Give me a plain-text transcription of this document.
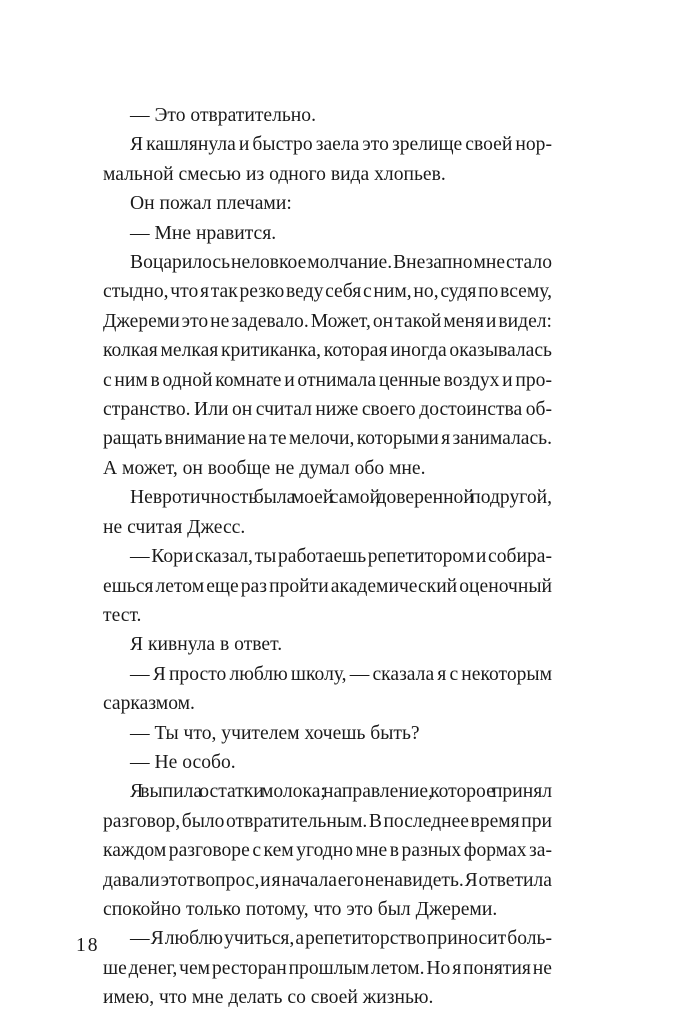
— Это отвратительно.

Я кашлянула и быстро заела это зрелище своей нор-
мальной смесью из одного вида хлопьев.

Он пожал плечами:

— Мне нравится.

Воцарилось неловкое молчание. Внезапно мне стало
стыдно, что я так резко веду себя с ним, но, судя по всему,
Джереми это не задевало. Может, он такой меня и видел:
колкая мелкая критиканка, которая иногда оказывалась
с ним в одной комнате и отнимала ценные воздух и про-
странство. Или он считал ниже своего достоинства об-
ращать внимание на те мелочи, которыми я занималась.
А может, он вообще не думал обо мне.

Невротичность была моей самой доверенной подругой,
не считая Джесс.

— Кори сказал, ты работаешь репетитором и собира-
ешься летом еще раз пройти академический оценочный
тест.

Я кивнула в ответ.

— Я просто люблю школу, — сказала я с некоторым
сарказмом.

— Ты что, учителем хочешь быть?

— Не особо.

Я выпила остатки молока; направление, которое принял
разговор, было отвратительным. В последнее время при
каждом разговоре с кем угодно мне в разных формах за-
давали этот вопрос, и я начала его ненавидеть. Я ответила
спокойно только потому, что это был Джереми.

— Я люблю учиться, а репетиторство приносит боль-
ше денег, чем ресторан прошлым летом. Но я понятия не
имею, что мне делать со своей жизнью.

18
